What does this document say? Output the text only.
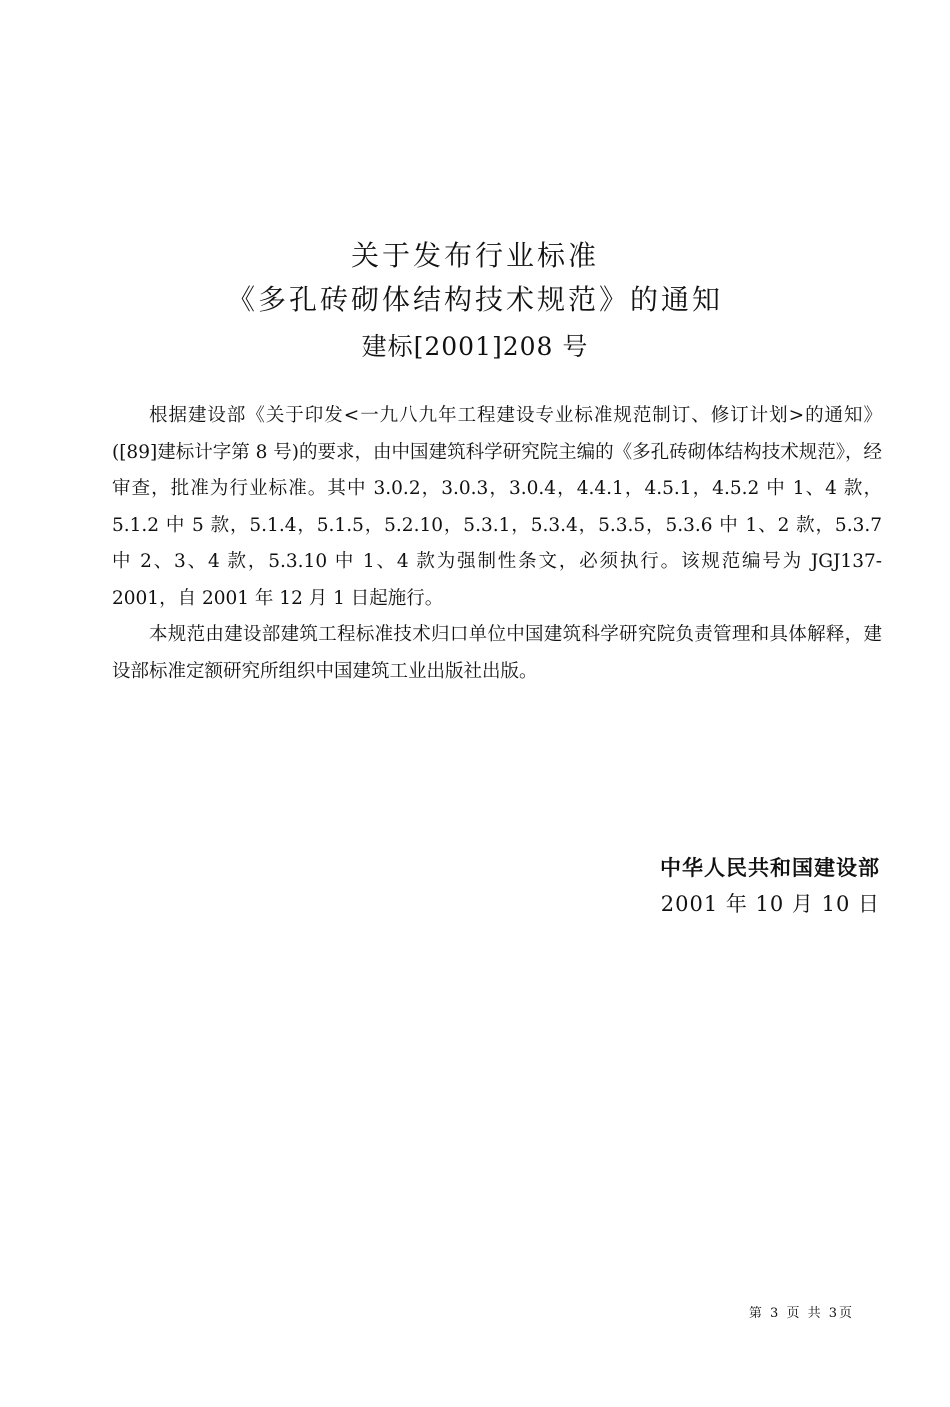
关于发布行业标准
《多孔砖砌体结构技术规范》的通知
建标[2001]208 号

根据建设部《关于印发<一九八九年工程建设专业标准规范制订、修订计划>的通知》([89]建标计字第 8 号)的要求，由中国建筑科学研究院主编的《多孔砖砌体结构技术规范》，经审查，批准为行业标准。其中 3.0.2，3.0.3，3.0.4，4.4.1，4.5.1，4.5.2 中 1、4 款，5.1.2 中 5 款，5.1.4，5.1.5，5.2.10，5.3.1，5.3.4，5.3.5，5.3.6 中 1、2 款，5.3.7 中 2、3、4 款，5.3.10 中 1、4 款为强制性条文，必须执行。该规范编号为 JGJ137-2001，自 2001 年 12 月 1 日起施行。

本规范由建设部建筑工程标准技术归口单位中国建筑科学研究院负责管理和具体解释，建设部标准定额研究所组织中国建筑工业出版社出版。

中华人民共和国建设部
2001 年 10 月 10 日
第 3 页 共 3页
